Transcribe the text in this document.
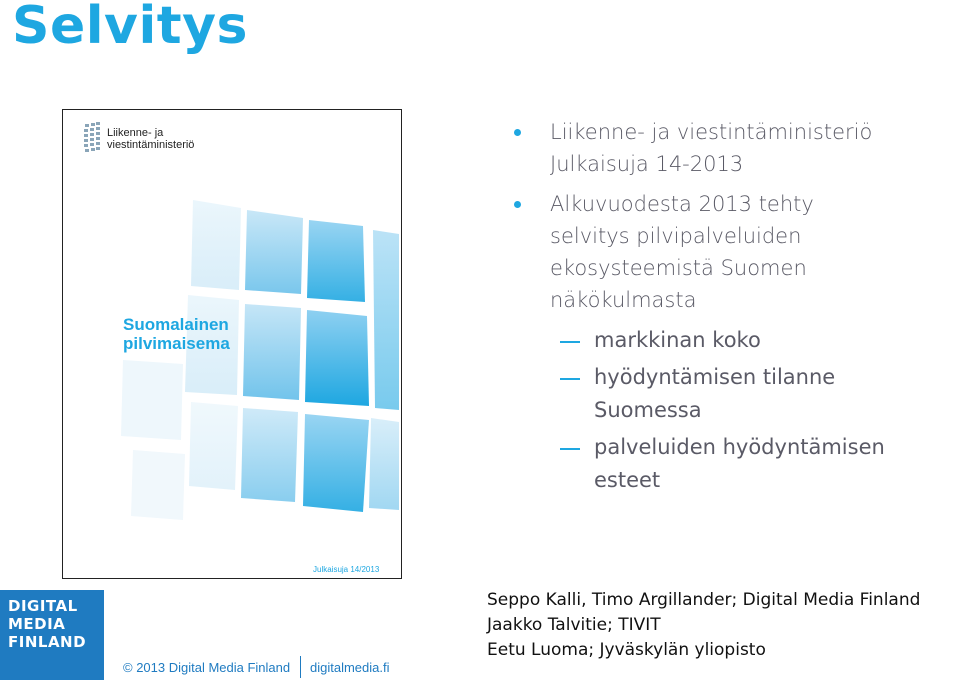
Selvitys
Liikenne- ja
viestintäministeriö
Suomalainen
pilvimaisema
Julkaisuja 14/2013
Liikenne- ja viestintäministeriö
Julkaisuja 14-2013
Alkuvuodesta 2013 tehty
selvitys pilvipalveluiden
ekosysteemistä Suomen
näkökulmasta
markkinan koko
hyödyntämisen tilanne
Suomessa
palveluiden hyödyntämisen
esteet
DIGITAL
MEDIA
FINLAND
© 2013 Digital Media Finland digitalmedia.fi
Seppo Kalli, Timo Argillander; Digital Media Finland
Jaakko Talvitie; TIVIT
Eetu Luoma; Jyväskylän yliopisto
